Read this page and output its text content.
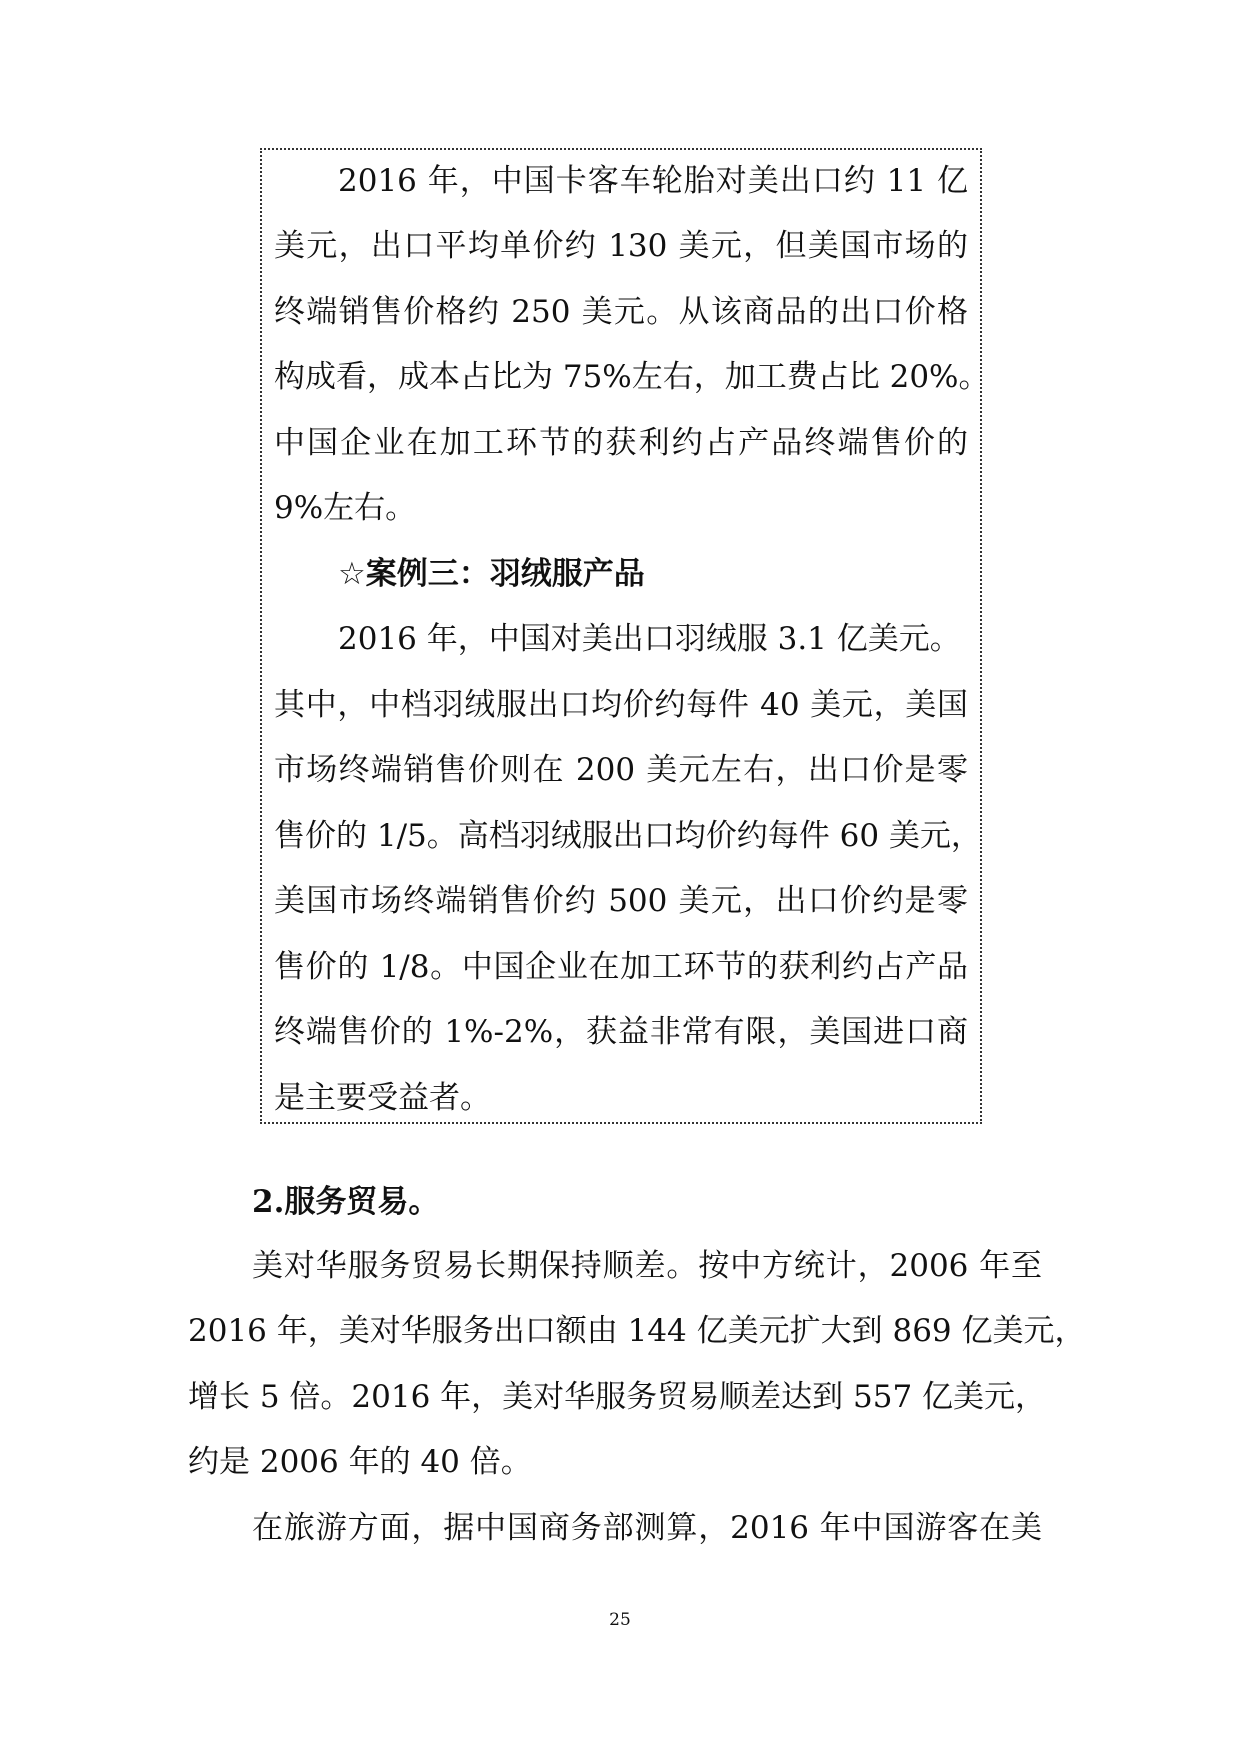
2016 年，中国卡客车轮胎对美出口约 11 亿
美元，出口平均单价约 130 美元，但美国市场的
终端销售价格约 250 美元。从该商品的出口价格
构成看，成本占比为 75%左右，加工费占比 20%。
中国企业在加工环节的获利约占产品终端售价的
9%左右。
☆案例三：羽绒服产品
2016 年，中国对美出口羽绒服 3.1 亿美元。
其中，中档羽绒服出口均价约每件 40 美元，美国
市场终端销售价则在 200 美元左右，出口价是零
售价的 1/5。高档羽绒服出口均价约每件 60 美元，
美国市场终端销售价约 500 美元，出口价约是零
售价的 1/8。中国企业在加工环节的获利约占产品
终端售价的 1%-2%，获益非常有限，美国进口商
是主要受益者。
2.服务贸易。
美对华服务贸易长期保持顺差。按中方统计，2006 年至
2016 年，美对华服务出口额由 144 亿美元扩大到 869 亿美元，
增长 5 倍。2016 年，美对华服务贸易顺差达到 557 亿美元，
约是 2006 年的 40 倍。
在旅游方面，据中国商务部测算，2016 年中国游客在美
25
